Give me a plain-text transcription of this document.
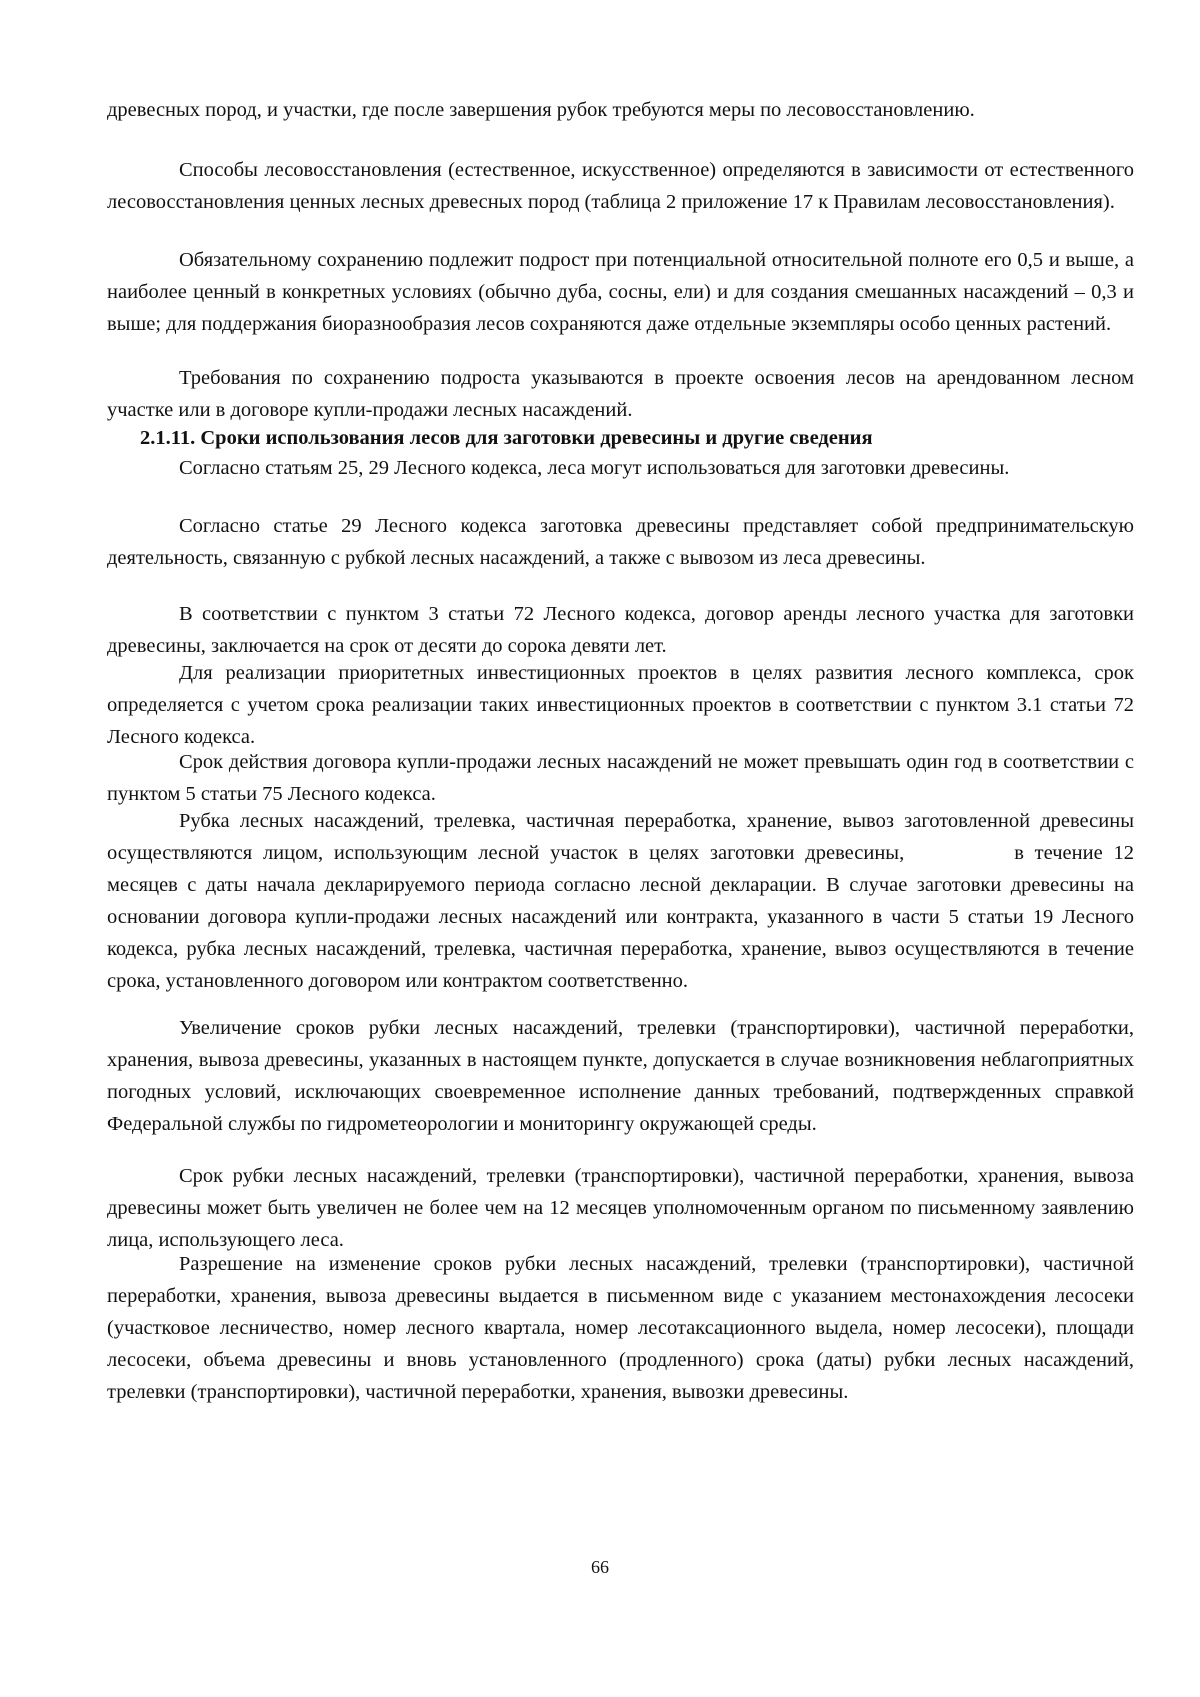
древесных пород, и участки, где после завершения рубок требуются меры по лесовосстановлению.

Способы лесовосстановления (естественное, искусственное) определяются в зависимости от естественного лесовосстановления ценных лесных древесных пород (таблица 2 приложение 17 к Правилам лесовосстановления).

Обязательному сохранению подлежит подрост при потенциальной относительной полноте его 0,5 и выше, а наиболее ценный в конкретных условиях (обычно дуба, сосны, ели) и для создания смешанных насаждений – 0,3 и выше; для поддержания биоразнообразия лесов сохраняются даже отдельные экземпляры особо ценных растений.

Требования по сохранению подроста указываются в проекте освоения лесов на арендованном лесном участке или в договоре купли-продажи лесных насаждений.

2.1.11. Сроки использования лесов для заготовки древесины и другие сведения

Согласно статьям 25, 29 Лесного кодекса, леса могут использоваться для заготовки древесины.

Согласно статье 29 Лесного кодекса заготовка древесины представляет собой предпринимательскую деятельность, связанную с рубкой лесных насаждений, а также с вывозом из леса древесины.

В соответствии с пунктом 3 статьи 72 Лесного кодекса, договор аренды лесного участка для заготовки древесины, заключается на срок от десяти до сорока девяти лет.

Для реализации приоритетных инвестиционных проектов в целях развития лесного комплекса, срок определяется с учетом срока реализации таких инвестиционных проектов в соответствии с пунктом 3.1 статьи 72 Лесного кодекса.

Срок действия договора купли-продажи лесных насаждений не может превышать один год в соответствии с пунктом 5 статьи 75 Лесного кодекса.

Рубка лесных насаждений, трелевка, частичная переработка, хранение, вывоз заготовленной древесины осуществляются лицом, использующим лесной участок в целях заготовки древесины,	в течение 12 месяцев с даты начала декларируемого периода согласно лесной декларации. В случае заготовки древесины на основании договора купли-продажи лесных насаждений или контракта, указанного в части 5 статьи 19 Лесного кодекса, рубка лесных насаждений, трелевка, частичная переработка, хранение, вывоз осуществляются в течение срока, установленного договором или контрактом соответственно.

Увеличение сроков рубки лесных насаждений, трелевки (транспортировки), частичной переработки, хранения, вывоза древесины, указанных в настоящем пункте, допускается в случае возникновения неблагоприятных погодных условий, исключающих своевременное исполнение данных требований, подтвержденных справкой Федеральной службы по гидрометеорологии и мониторингу окружающей среды.

Срок рубки лесных насаждений, трелевки (транспортировки), частичной переработки, хранения, вывоза древесины может быть увеличен не более чем на 12 месяцев уполномоченным органом по письменному заявлению лица, использующего леса.

Разрешение на изменение сроков рубки лесных насаждений, трелевки (транспортировки), частичной переработки, хранения, вывоза древесины выдается в письменном виде с указанием местонахождения лесосеки (участковое лесничество, номер лесного квартала, номер лесотаксационного выдела, номер лесосеки), площади лесосеки, объема древесины и вновь установленного (продленного) срока (даты) рубки лесных насаждений, трелевки (транспортировки), частичной переработки, хранения, вывозки древесины.

66
